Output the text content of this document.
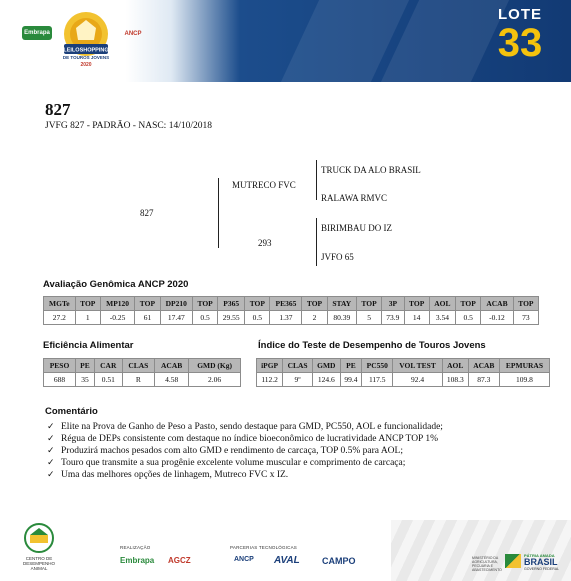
Embrapa
LEILOSHOPPING
DE TOUROS JOVENS
2020
ANCP
LOTE
33
827
JVFG 827 - PADRÃO - NASC: 14/10/2018
827
MUTRECO FVC
293
TRUCK DA ALO BRASIL
RALAWA RMVC
BIRIMBAU DO IZ
JVFO 65
Avaliação Genômica ANCP 2020
MGTe	TOP	MP120	TOP	DP210	TOP	P365	TOP	PE365	TOP	STAY	TOP	3P	TOP	AOL	TOP	ACAB	TOP
27.2	1	-0.25	61	17.47	0.5	29.55	0.5	1.37	2	80.39	5	73.9	14	3.54	0.5	-0.12	73
Eficiência Alimentar
PESO	PE	CAR	CLAS	ACAB	GMD (Kg)
688	35	0.51	R	4.58	2.06
Índice do Teste de Desempenho de Touros Jovens
iPGP	CLAS	GMD	PE	PC550	VOL TEST	AOL	ACAB	EPMURAS
112.2	9º	124.6	99.4	117.5	92.4	108.3	87.3	109.8
Comentário
✓ Elite na Prova de Ganho de Peso a Pasto, sendo destaque para GMD, PC550, AOL e funcionalidade;
✓ Régua de DEPs consistente com destaque no índice bioeconômico de lucratividade ANCP TOP 1%
✓ Produzirá machos pesados com alto GMD e rendimento de carcaça, TOP 0.5% para AOL;
✓ Touro que transmite a sua progênie excelente volume muscular e comprimento de carcaça;
✓ Uma das melhores opções de linhagem, Mutreco FVC x IZ.
CENTRO DE DESEMPENHO ANIMAL
REALIZAÇÃO
Embrapa AGCZ
PARCERIAS TECNOLÓGICAS
ANCP AVAL CAMPO	MINISTÉRIO DA AGRICULTURA, PECUÁRIA E ABASTECIMENTO
PÁTRIA AMADA
BRASIL
GOVERNO FEDERAL
